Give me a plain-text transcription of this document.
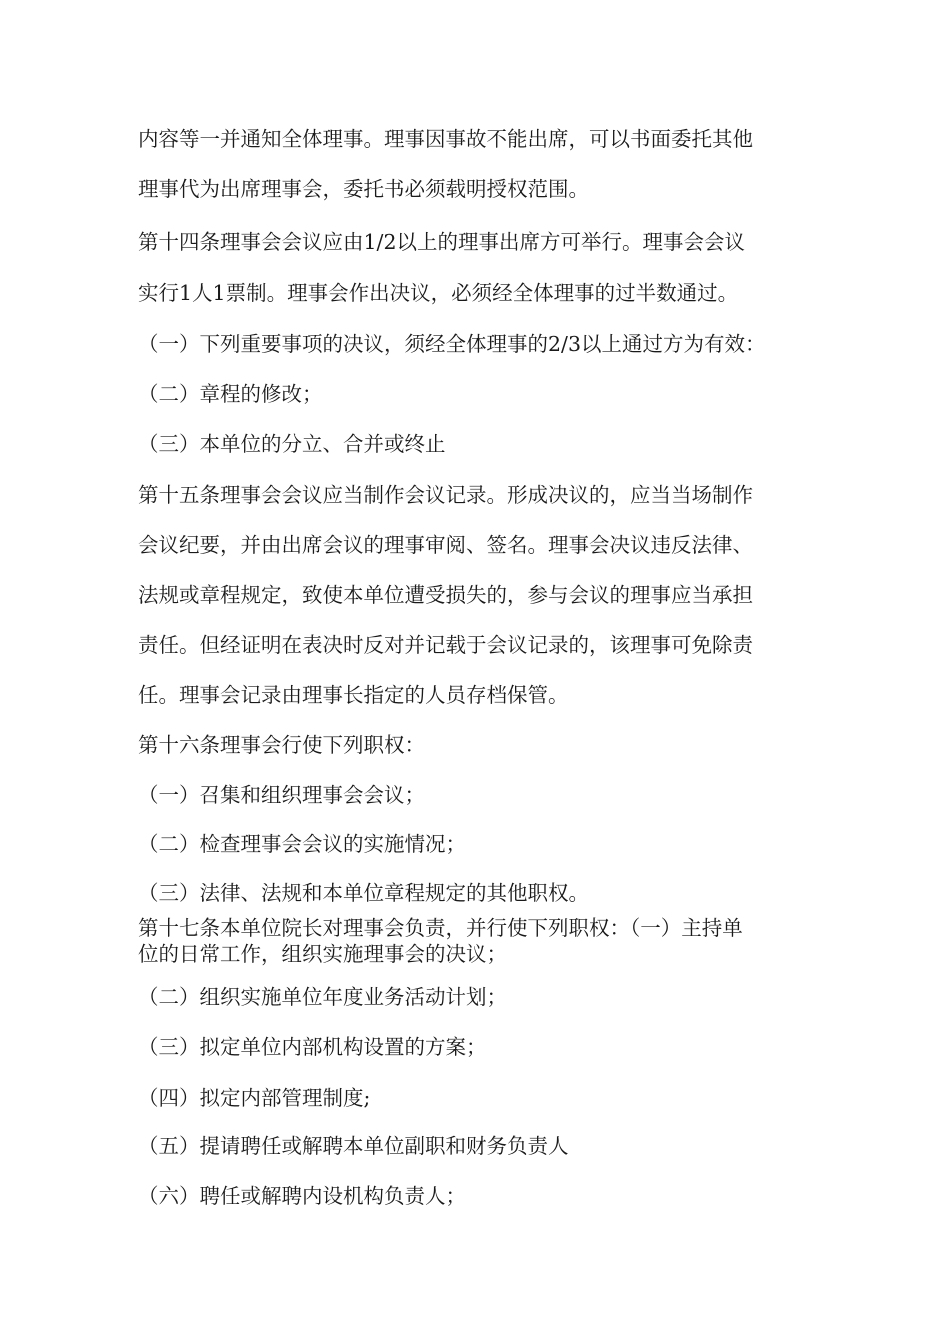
内容等一并通知全体理事。理事因事故不能出席，可以书面委托其他
理事代为出席理事会，委托书必须载明授权范围。
第十四条理事会会议应由1/2以上的理事出席方可举行。理事会会议
实行1人1票制。理事会作出决议，必须经全体理事的过半数通过。
（一）下列重要事项的决议，须经全体理事的2/3以上通过方为有效：
（二）章程的修改；
（三）本单位的分立、合并或终止
第十五条理事会会议应当制作会议记录。形成决议的，应当当场制作
会议纪要，并由出席会议的理事审阅、签名。理事会决议违反法律、
法规或章程规定，致使本单位遭受损失的，参与会议的理事应当承担
责任。但经证明在表决时反对并记载于会议记录的，该理事可免除责
任。理事会记录由理事长指定的人员存档保管。
第十六条理事会行使下列职权：
（一）召集和组织理事会会议；
（二）检查理事会会议的实施情况；
（三）法律、法规和本单位章程规定的其他职权。
第十七条本单位院长对理事会负责，并行使下列职权：（一）主持单
位的日常工作，组织实施理事会的决议；
（二）组织实施单位年度业务活动计划；
（三）拟定单位内部机构设置的方案；
（四）拟定内部管理制度;
（五）提请聘任或解聘本单位副职和财务负责人
（六）聘任或解聘内设机构负责人；
